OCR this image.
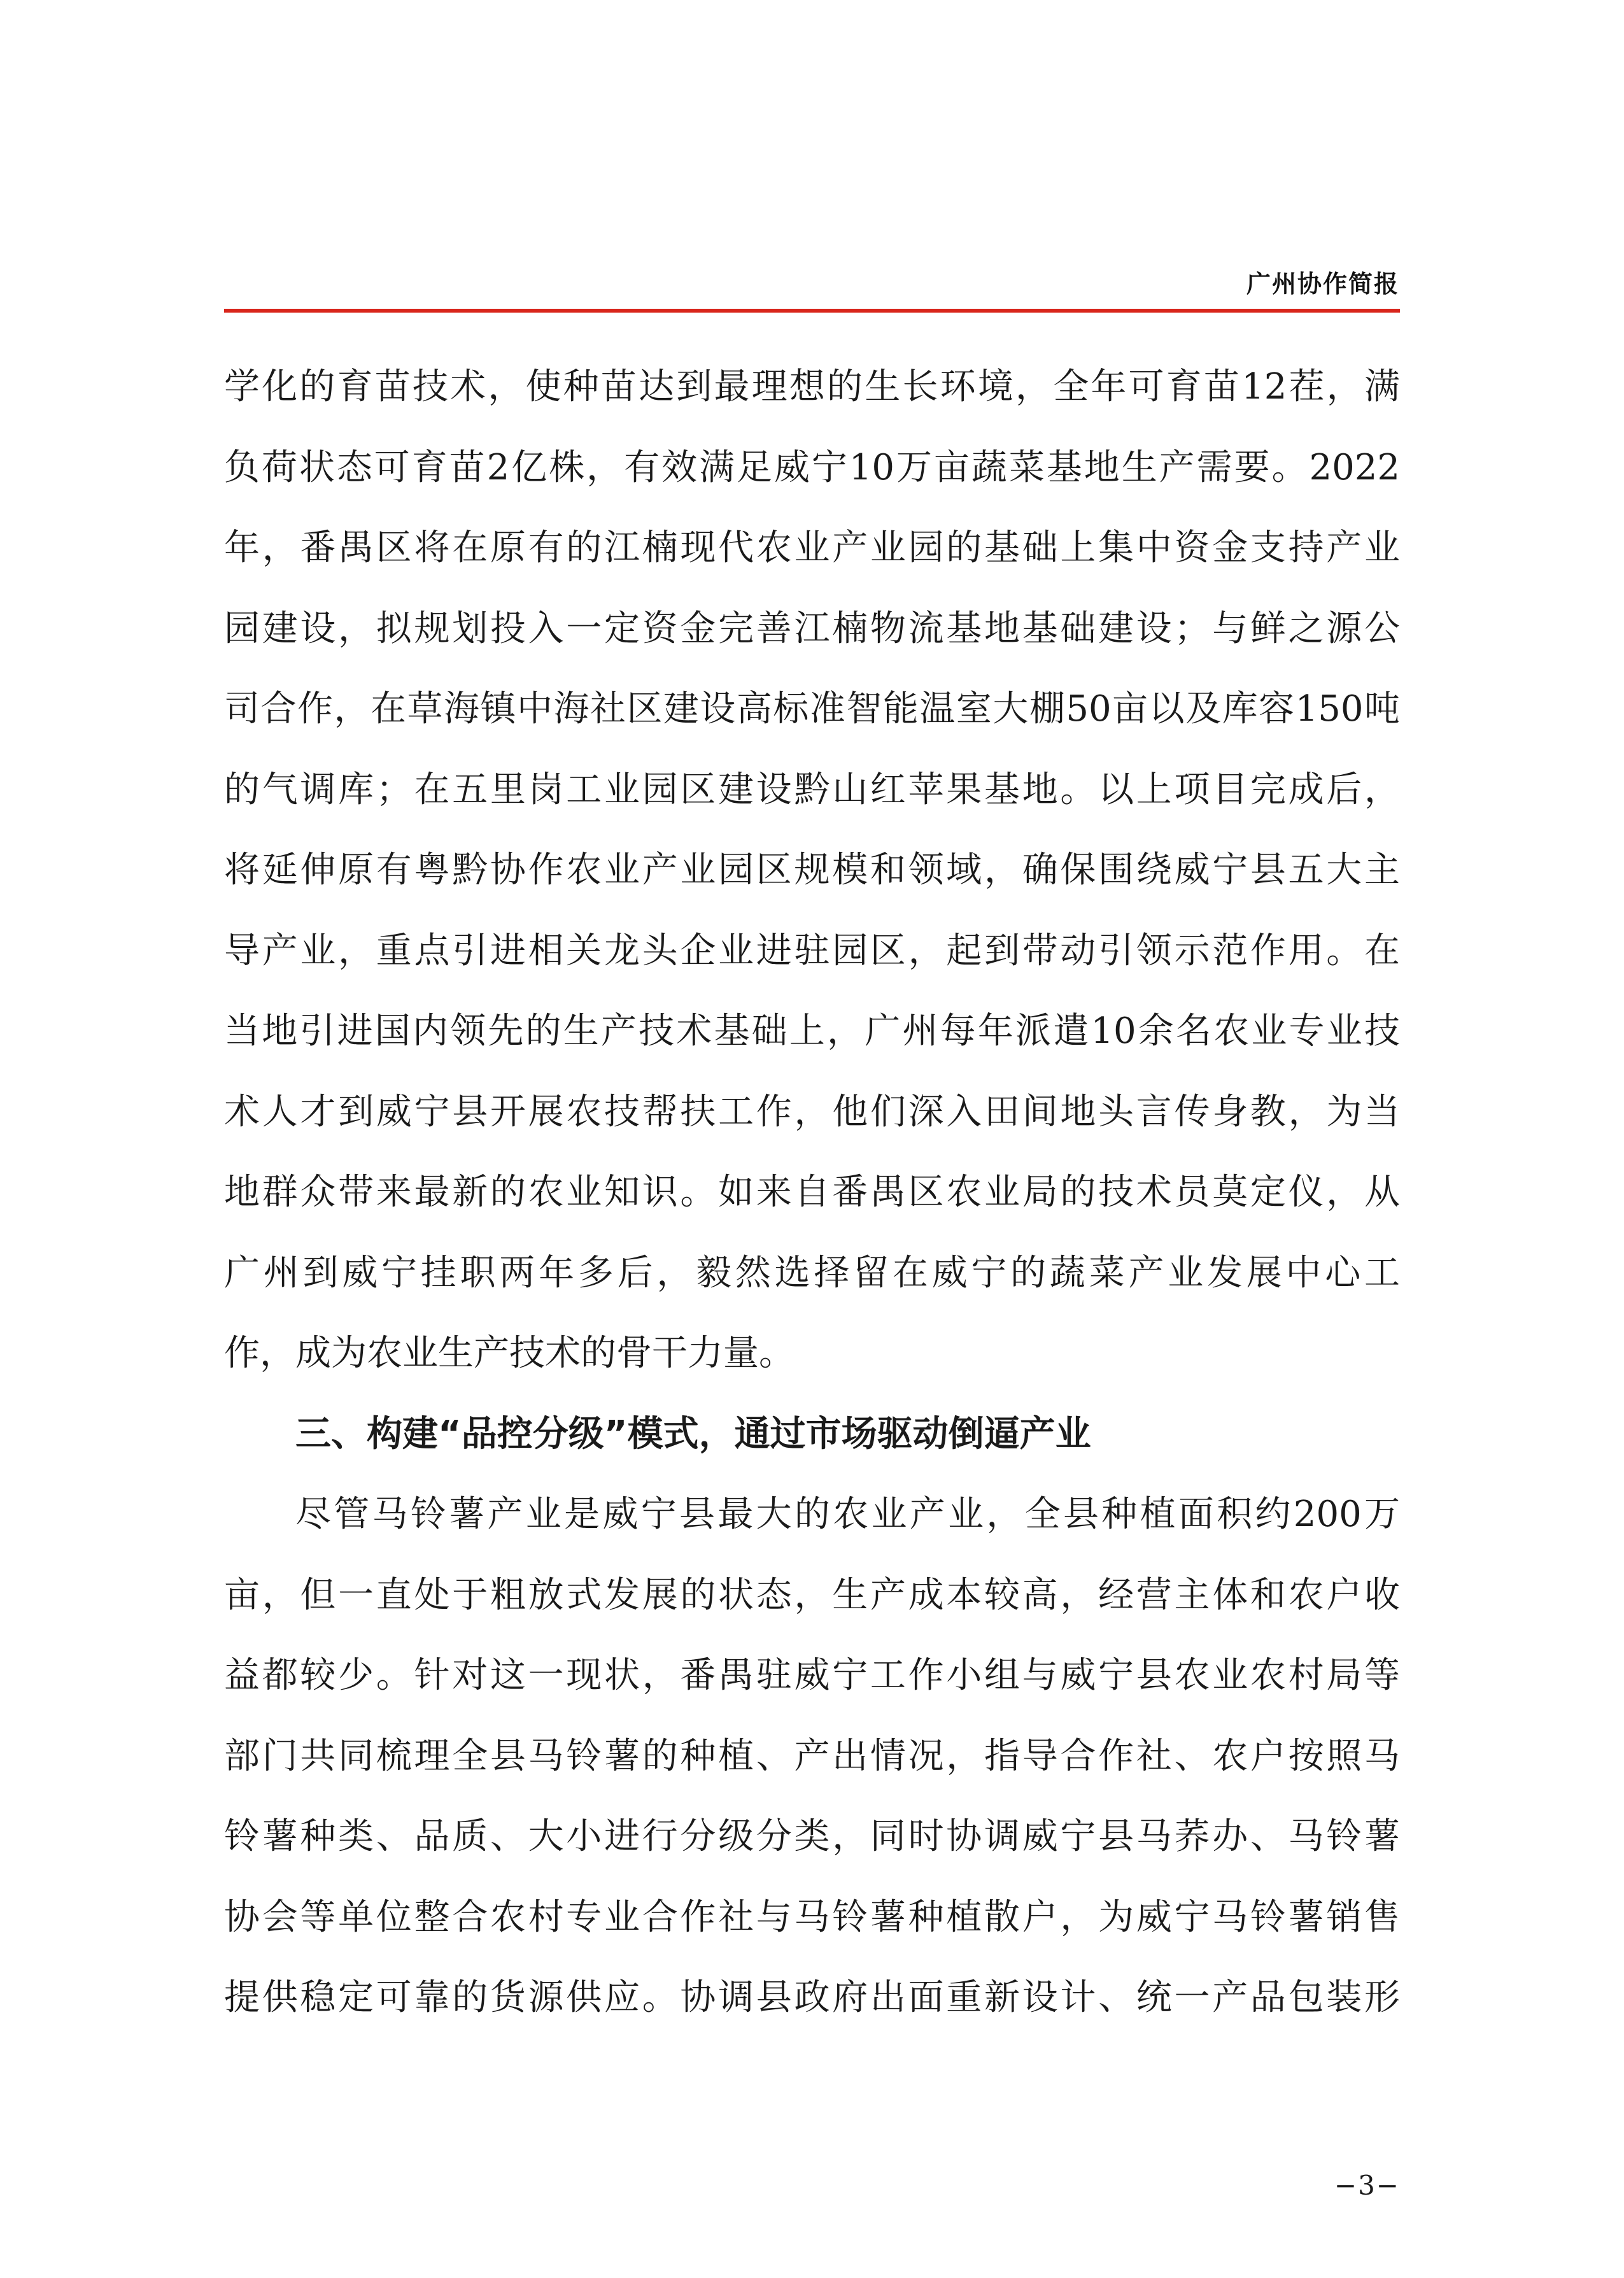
广州协作简报
学化的育苗技术，使种苗达到最理想的生长环境，全年可育苗12茬，满
负荷状态可育苗2亿株，有效满足威宁10万亩蔬菜基地生产需要。2022
年，番禺区将在原有的江楠现代农业产业园的基础上集中资金支持产业
园建设，拟规划投入一定资金完善江楠物流基地基础建设；与鲜之源公
司合作，在草海镇中海社区建设高标准智能温室大棚50亩以及库容150吨
的气调库；在五里岗工业园区建设黔山红苹果基地。以上项目完成后，
将延伸原有粤黔协作农业产业园区规模和领域，确保围绕威宁县五大主
导产业，重点引进相关龙头企业进驻园区，起到带动引领示范作用。在
当地引进国内领先的生产技术基础上，广州每年派遣10余名农业专业技
术人才到威宁县开展农技帮扶工作，他们深入田间地头言传身教，为当
地群众带来最新的农业知识。如来自番禺区农业局的技术员莫定仪，从
广州到威宁挂职两年多后，毅然选择留在威宁的蔬菜产业发展中心工
作，成为农业生产技术的骨干力量。
三、构建“品控分级”模式，通过市场驱动倒逼产业
尽管马铃薯产业是威宁县最大的农业产业，全县种植面积约200万
亩，但一直处于粗放式发展的状态，生产成本较高，经营主体和农户收
益都较少。针对这一现状，番禺驻威宁工作小组与威宁县农业农村局等
部门共同梳理全县马铃薯的种植、产出情况，指导合作社、农户按照马
铃薯种类、品质、大小进行分级分类，同时协调威宁县马荞办、马铃薯
协会等单位整合农村专业合作社与马铃薯种植散户，为威宁马铃薯销售
提供稳定可靠的货源供应。协调县政府出面重新设计、统一产品包装形
−3−
